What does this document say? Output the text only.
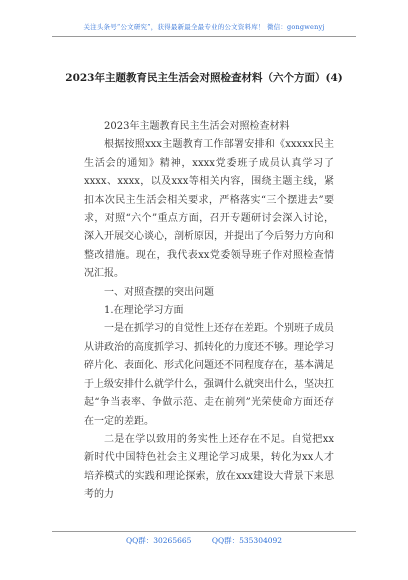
关注头条号“公文研究”，获得最新最全最专业的公文资料库！ 微信：gongwenyj
2023年主题教育民主生活会对照检查材料（六个方面）(4)

2023年主题教育民主生活会对照检查材料

根据按照xxx主题教育工作部署安排和《xxxxx民主生活会的通知》精神，xxxx党委班子成员认真学习了xxxx、xxxx，以及xxx等相关内容，围绕主题主线，紧扣本次民主生活会相关要求，严格落实“三个摆进去”要求，对照“六个”重点方面，召开专题研讨会深入讨论，深入开展交心谈心，剖析原因，并提出了今后努力方向和整改措施。现在，我代表xx党委领导班子作对照检查情况汇报。

一、对照查摆的突出问题

1.在理论学习方面

一是在抓学习的自觉性上还存在差距。个别班子成员从讲政治的高度抓学习、抓转化的力度还不够。理论学习碎片化、表面化、形式化问题还不同程度存在，基本满足于上级安排什么就学什么，强调什么就突出什么，坚决扛起“争当表率、争做示范、走在前列”光荣使命方面还存在一定的差距。

二是在学以致用的务实性上还存在不足。自觉把xx新时代中国特色社会主义理论学习成果，转化为xx人才培养模式的实践和理论探索，放在xxx建设大背景下来思考的力

QQ群：30265665	QQ群：535304092
